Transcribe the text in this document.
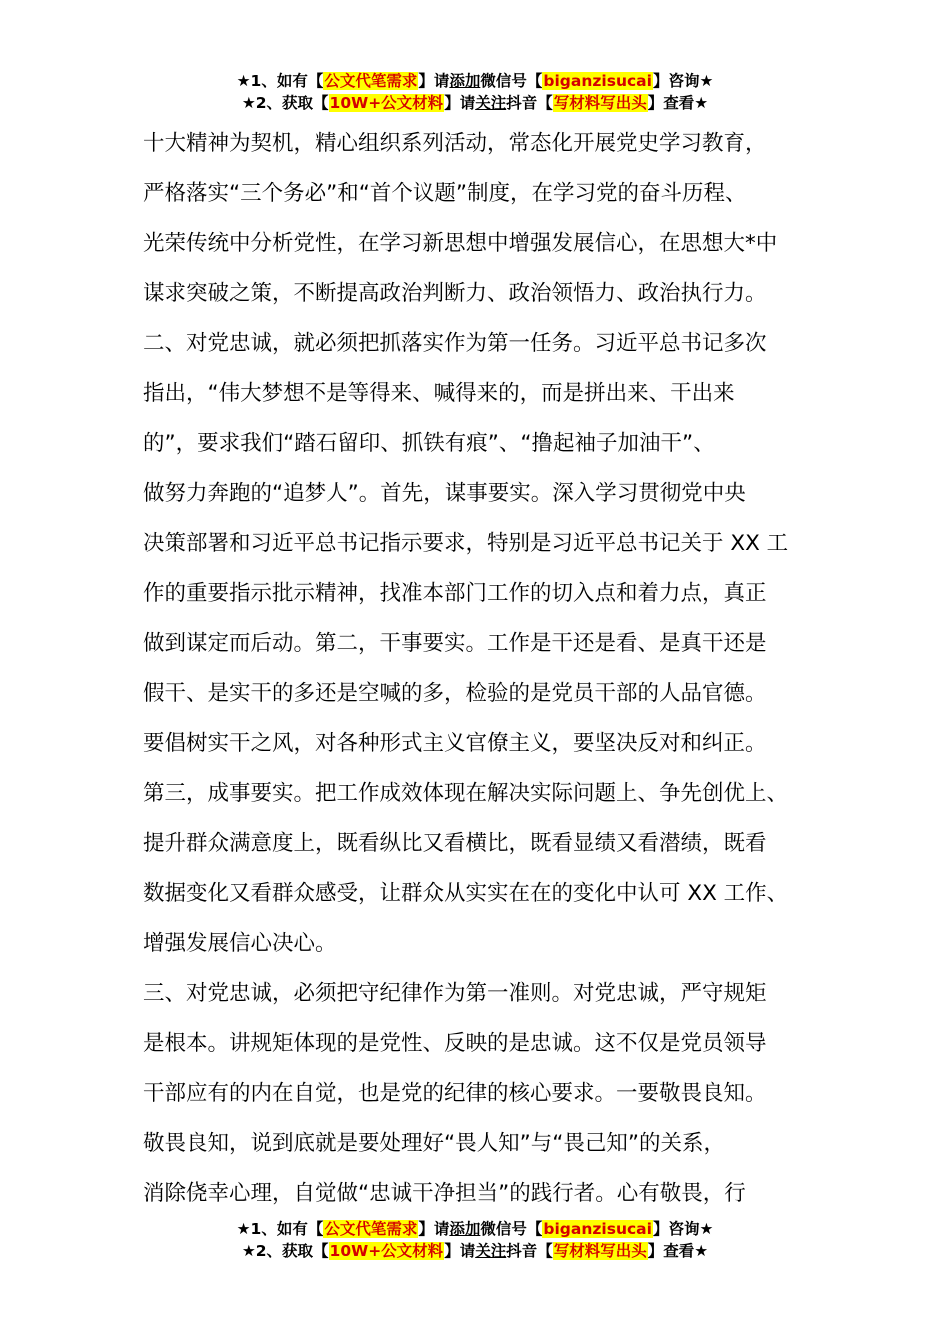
★1、如有【公文代笔需求】请添加微信号【biganzisucai】咨询★
★2、获取【10W+公文材料】请关注抖音【写材料写出头】查看★
十大精神为契机，精心组织系列活动，常态化开展党史学习教育，
严格落实“三个务必”和“首个议题”制度，在学习党的奋斗历程、
光荣传统中分析党性，在学习新思想中增强发展信心，在思想大*中
谋求突破之策，不断提高政治判断力、政治领悟力、政治执行力。
二、对党忠诚，就必须把抓落实作为第一任务。习近平总书记多次
指出，“伟大梦想不是等得来、喊得来的，而是拼出来、干出来
的”，要求我们“踏石留印、抓铁有痕”、“撸起袖子加油干”、
做努力奔跑的“追梦人”。首先，谋事要实。深入学习贯彻党中央
决策部署和习近平总书记指示要求，特别是习近平总书记关于 XX 工
作的重要指示批示精神，找准本部门工作的切入点和着力点，真正
做到谋定而后动。第二，干事要实。工作是干还是看、是真干还是
假干、是实干的多还是空喊的多，检验的是党员干部的人品官德。
要倡树实干之风，对各种形式主义官僚主义，要坚决反对和纠正。
第三，成事要实。把工作成效体现在解决实际问题上、争先创优上、
提升群众满意度上，既看纵比又看横比，既看显绩又看潜绩，既看
数据变化又看群众感受，让群众从实实在在的变化中认可 XX 工作、
增强发展信心决心。
三、对党忠诚，必须把守纪律作为第一准则。对党忠诚，严守规矩
是根本。讲规矩体现的是党性、反映的是忠诚。这不仅是党员领导
干部应有的内在自觉，也是党的纪律的核心要求。一要敬畏良知。
敬畏良知，说到底就是要处理好“畏人知”与“畏己知”的关系，
消除侥幸心理，自觉做“忠诚干净担当”的践行者。心有敬畏，行
★1、如有【公文代笔需求】请添加微信号【biganzisucai】咨询★
★2、获取【10W+公文材料】请关注抖音【写材料写出头】查看★
